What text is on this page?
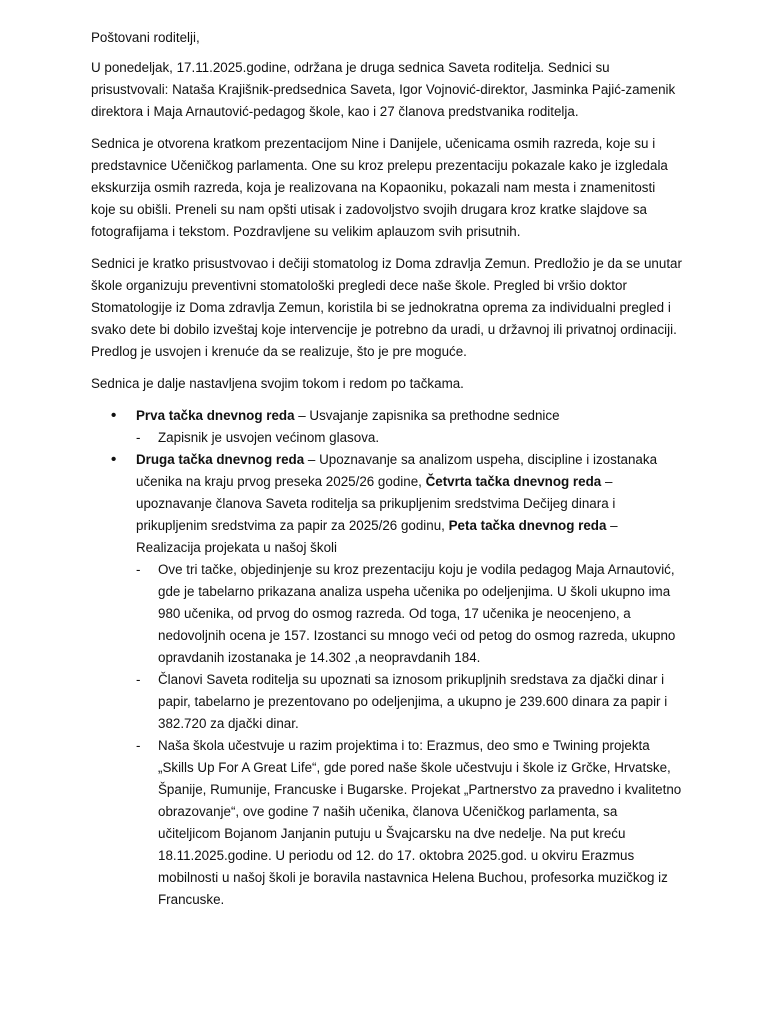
Poštovani roditelji,

U ponedeljak, 17.11.2025.godine, održana je druga sednica Saveta roditelja. Sednici su prisustvovali: Nataša Krajišnik-predsednica Saveta, Igor Vojnović-direktor, Jasminka Pajić-zamenik direktora i Maja Arnautović-pedagog škole, kao i 27 članova predstvanika roditelja.

Sednica je otvorena kratkom prezentacijom Nine i Danijele, učenicama osmih razreda, koje su i predstavnice Učeničkog parlamenta. One su kroz prelepu prezentaciju pokazale kako je izgledala ekskurzija osmih razreda, koja je realizovana na Kopaoniku, pokazali nam mesta i znamenitosti koje su obišli. Preneli su nam opšti utisak i zadovoljstvo svojih drugara kroz kratke slajdove sa fotografijama i tekstom. Pozdravljene su velikim aplauzom svih prisutnih.

Sednici je kratko prisustvovao i dečiji stomatolog iz Doma zdravlja Zemun. Predložio je da se unutar škole organizuju preventivni stomatološki pregledi dece naše škole. Pregled bi vršio doktor Stomatologije iz Doma zdravlja Zemun, koristila bi se jednokratna oprema za individualni pregled i svako dete bi dobilo izveštaj koje intervencije je potrebno da uradi, u državnoj ili privatnoj ordinaciji. Predlog je usvojen i krenuće da se realizuje, što je pre moguće.

Sednica je dalje nastavljena svojim tokom i redom po tačkama.

• Prva tačka dnevnog reda – Usvajanje zapisnika sa prethodne sednice
- Zapisnik je usvojen većinom glasova.
• Druga tačka dnevnog reda – Upoznavanje sa analizom uspeha, discipline i izostanaka učenika na kraju prvog preseka 2025/26 godine, Četvrta tačka dnevnog reda – upoznavanje članova Saveta roditelja sa prikupljenim sredstvima Dečijeg dinara i prikupljenim sredstvima za papir za 2025/26 godinu, Peta tačka dnevnog reda – Realizacija projekata u našoj školi
- Ove tri tačke, objedinjenje su kroz prezentaciju koju je vodila pedagog Maja Arnautović, gde je tabelarno prikazana analiza uspeha učenika po odeljenjima. U školi ukupno ima 980 učenika, od prvog do osmog razreda. Od toga, 17 učenika je neocenjeno, a nedovoljnih ocena je 157. Izostanci su mnogo veći od petog do osmog razreda, ukupno opravdanih izostanaka je 14.302 ,a neopravdanih 184.
- Članovi Saveta roditelja su upoznati sa iznosom prikupljnih sredstava za djački dinar i papir, tabelarno je prezentovano po odeljenjima, a ukupno je 239.600 dinara za papir i 382.720 za djački dinar.
- Naša škola učestvuje u razim projektima i to: Erazmus, deo smo e Twining projekta „Skills Up For A Great Life“, gde pored naše škole učestvuju i škole iz Grčke, Hrvatske, Španije, Rumunije, Francuske i Bugarske. Projekat „Partnerstvo za pravedno i kvalitetno obrazovanje“, ove godine 7 naših učenika, članova Učeničkog parlamenta, sa učiteljicom Bojanom Janjanin putuju u Švajcarsku na dve nedelje. Na put kreću 18.11.2025.godine. U periodu od 12. do 17. oktobra 2025.god. u okviru Erazmus mobilnosti u našoj školi je boravila nastavnica Helena Buchou, profesorka muzičkog iz Francuske.
